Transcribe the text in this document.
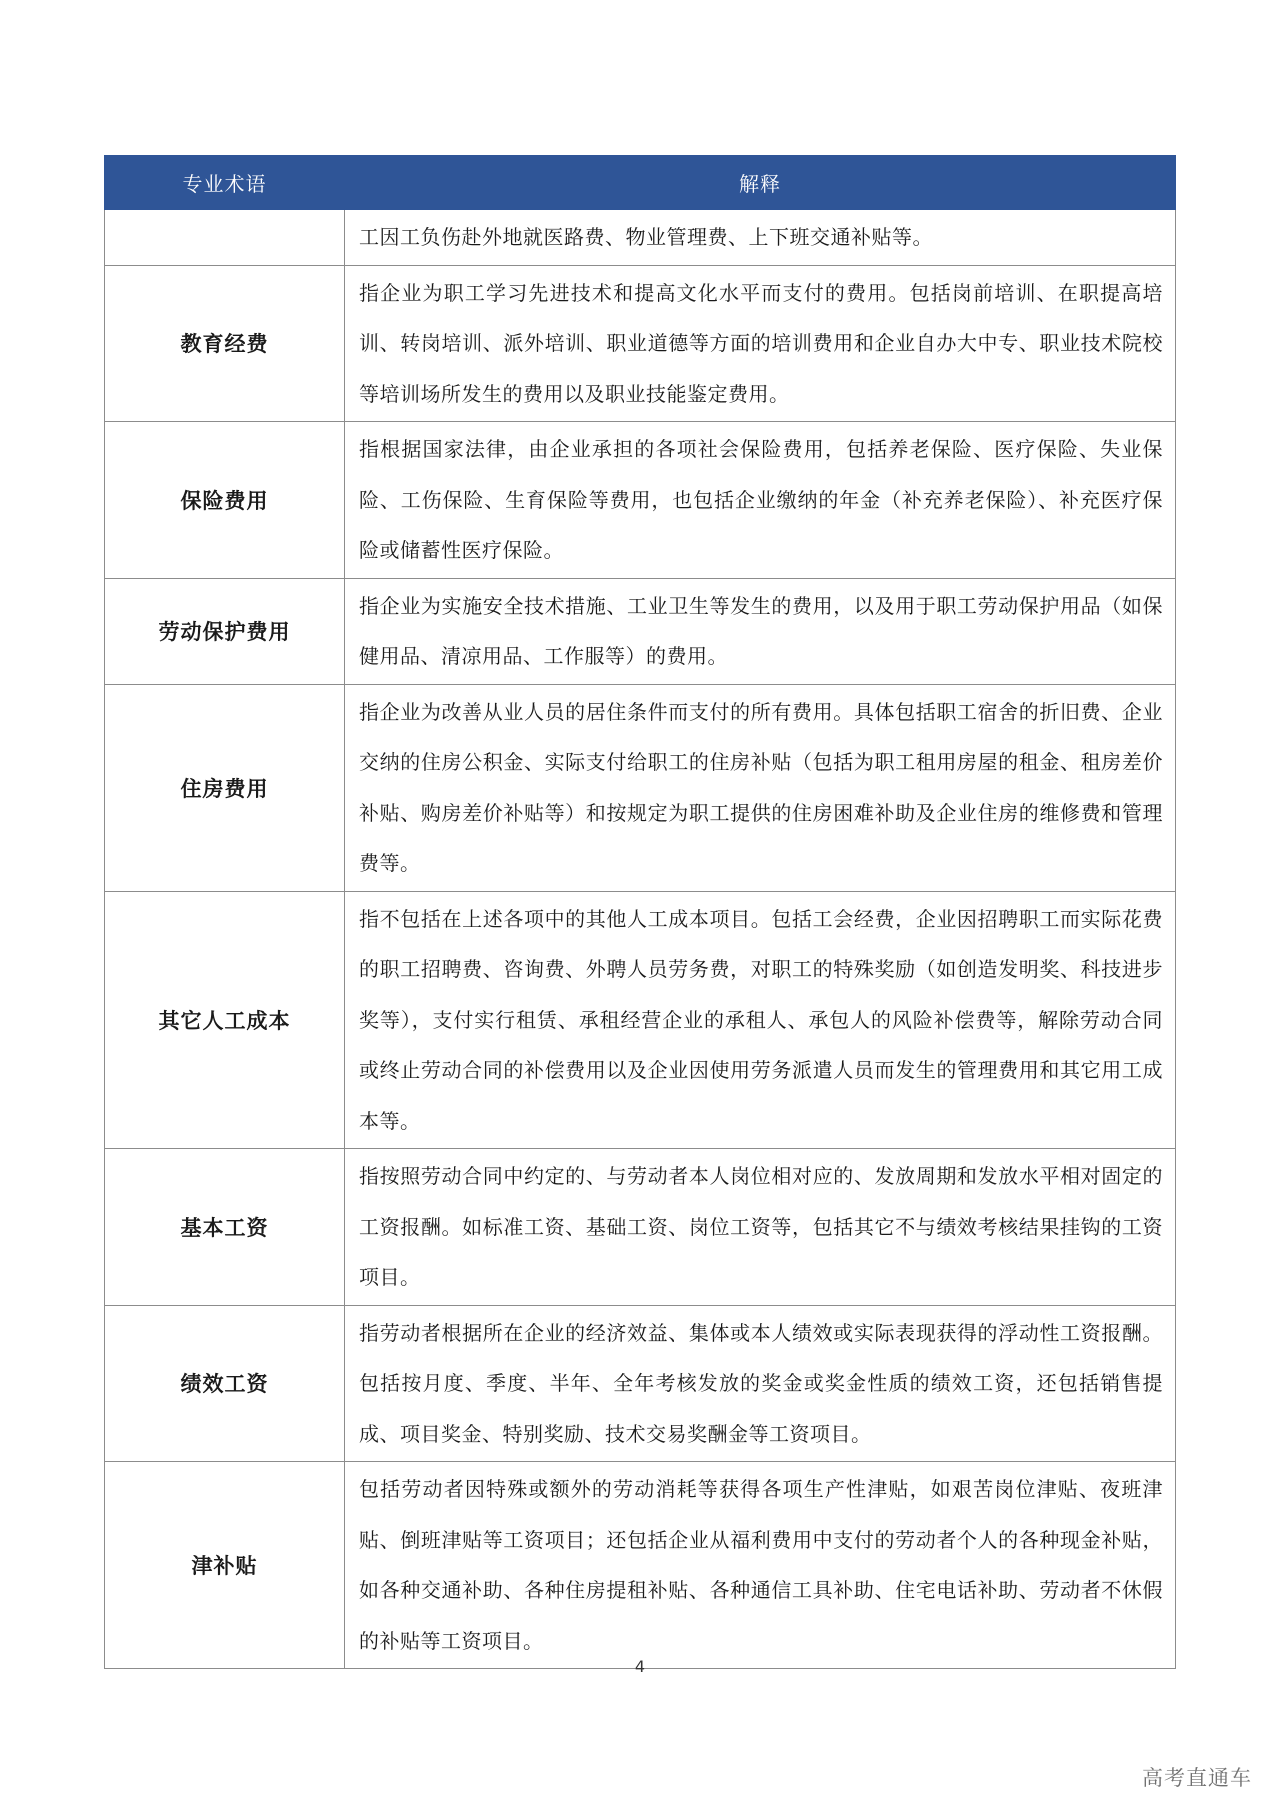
专业术语	解释
	工因工负伤赴外地就医路费、物业管理费、上下班交通补贴等。
教育经费	指企业为职工学习先进技术和提高文化水平而支付的费用。包括岗前培训、在职提高培训、转岗培训、派外培训、职业道德等方面的培训费用和企业自办大中专、职业技术院校等培训场所发生的费用以及职业技能鉴定费用。
保险费用	指根据国家法律，由企业承担的各项社会保险费用，包括养老保险、医疗保险、失业保险、工伤保险、生育保险等费用，也包括企业缴纳的年金（补充养老保险）、补充医疗保险或储蓄性医疗保险。
劳动保护费用	指企业为实施安全技术措施、工业卫生等发生的费用，以及用于职工劳动保护用品（如保健用品、清凉用品、工作服等）的费用。
住房费用	指企业为改善从业人员的居住条件而支付的所有费用。具体包括职工宿舍的折旧费、企业交纳的住房公积金、实际支付给职工的住房补贴（包括为职工租用房屋的租金、租房差价补贴、购房差价补贴等）和按规定为职工提供的住房困难补助及企业住房的维修费和管理费等。
其它人工成本	指不包括在上述各项中的其他人工成本项目。包括工会经费，企业因招聘职工而实际花费的职工招聘费、咨询费、外聘人员劳务费，对职工的特殊奖励（如创造发明奖、科技进步奖等），支付实行租赁、承租经营企业的承租人、承包人的风险补偿费等，解除劳动合同或终止劳动合同的补偿费用以及企业因使用劳务派遣人员而发生的管理费用和其它用工成本等。
基本工资	指按照劳动合同中约定的、与劳动者本人岗位相对应的、发放周期和发放水平相对固定的工资报酬。如标准工资、基础工资、岗位工资等，包括其它不与绩效考核结果挂钩的工资项目。
绩效工资	指劳动者根据所在企业的经济效益、集体或本人绩效或实际表现获得的浮动性工资报酬。包括按月度、季度、半年、全年考核发放的奖金或奖金性质的绩效工资，还包括销售提成、项目奖金、特别奖励、技术交易奖酬金等工资项目。
津补贴	包括劳动者因特殊或额外的劳动消耗等获得各项生产性津贴，如艰苦岗位津贴、夜班津贴、倒班津贴等工资项目；还包括企业从福利费用中支付的劳动者个人的各种现金补贴，如各种交通补助、各种住房提租补贴、各种通信工具补助、住宅电话补助、劳动者不休假的补贴等工资项目。
4
高考直通车
